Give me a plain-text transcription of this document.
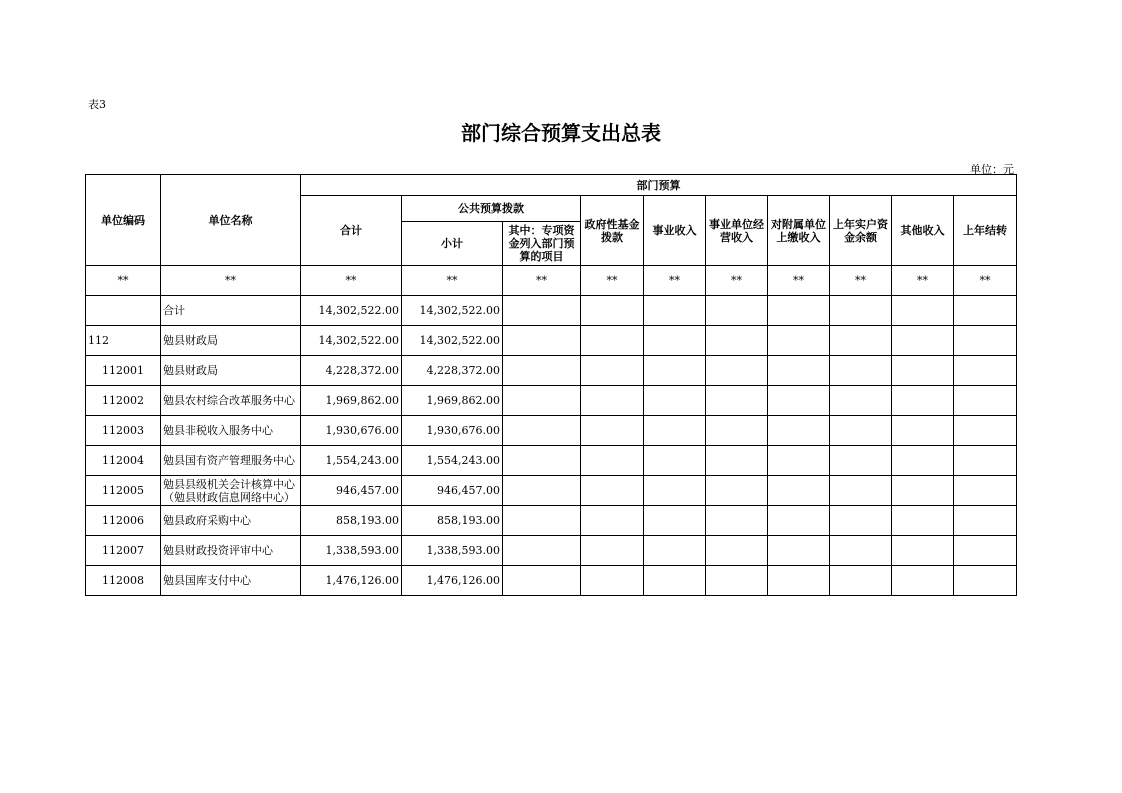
表3
部门综合预算支出总表
单位：元
单位编码	单位名称	部门预算									
		合计	公共预算拨款		政府性基金拨款	事业收入	事业单位经营收入	对附属单位上缴收入	上年实户资金余额	其他收入	上年结转
			小计	其中：专项资金列入部门预算的项目							
**	**	**	**	**	**	**	**	**	**	**	**
	合计	14,302,522.00	14,302,522.00								
112	勉县财政局	14,302,522.00	14,302,522.00								
112001	勉县财政局	4,228,372.00	4,228,372.00								
112002	勉县农村综合改革服务中心	1,969,862.00	1,969,862.00								
112003	勉县非税收入服务中心	1,930,676.00	1,930,676.00								
112004	勉县国有资产管理服务中心	1,554,243.00	1,554,243.00								
112005	勉县县级机关会计核算中心（勉县财政信息网络中心）	946,457.00	946,457.00								
112006	勉县政府采购中心	858,193.00	858,193.00								
112007	勉县财政投资评审中心	1,338,593.00	1,338,593.00								
112008	勉县国库支付中心	1,476,126.00	1,476,126.00								
